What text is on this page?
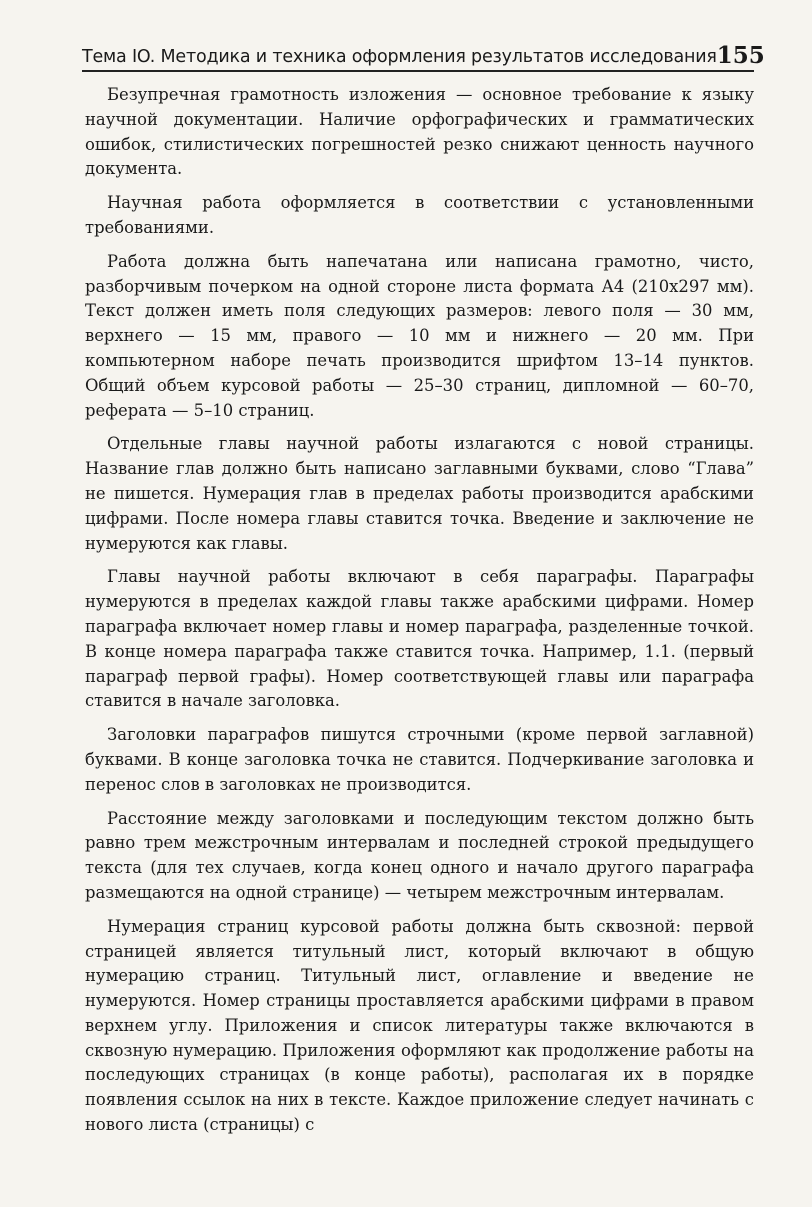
Тема IO. Методика и техника оформления результатов исследования 155

Безупречная грамотность изложения — основное требование к языку научной документации. Наличие орфографических и грамматических ошибок, стилистических погрешностей резко снижают ценность научного документа.

Научная работа оформляется в соответствии с установленными требованиями.

Работа должна быть напечатана или написана грамотно, чисто, разборчивым почерком на одной стороне листа формата А4 (210х297 мм). Текст должен иметь поля следующих размеров: левого поля — 30 мм, верхнего — 15 мм, правого — 10 мм и нижнего — 20 мм. При компьютерном наборе печать производится шрифтом 13–14 пунктов. Общий объем курсовой работы — 25–30 страниц, дипломной — 60–70, реферата — 5–10 страниц.

Отдельные главы научной работы излагаются с новой страницы. Название глав должно быть написано заглавными буквами, слово “Глава” не пишется. Нумерация глав в пределах работы производится арабскими цифрами. После номера главы ставится точка. Введение и заключение не нумеруются как главы.

Главы научной работы включают в себя параграфы. Параграфы нумеруются в пределах каждой главы также арабскими цифрами. Номер параграфа включает номер главы и номер параграфа, разделенные точкой. В конце номера параграфа также ставится точка. Например, 1.1. (первый параграф первой графы). Номер соответствующей главы или параграфа ставится в начале заголовка.

Заголовки параграфов пишутся строчными (кроме первой заглавной) буквами. В конце заголовка точка не ставится. Подчеркивание заголовка и перенос слов в заголовках не производится.

Расстояние между заголовками и последующим текстом должно быть равно трем межстрочным интервалам и последней строкой предыдущего текста (для тех случаев, когда конец одного и начало другого параграфа размещаются на одной странице) — четырем межстрочным интервалам.

Нумерация страниц курсовой работы должна быть сквозной: первой страницей является титульный лист, который включают в общую нумерацию страниц. Титульный лист, оглавление и введение не нумеруются. Номер страницы проставляется арабскими цифрами в правом верхнем углу. Приложения и список литературы также включаются в сквозную нумерацию. Приложения оформляют как продолжение работы на последующих страницах (в конце работы), располагая их в порядке появления ссылок на них в тексте. Каждое приложение следует начинать с нового листа (страницы) с
